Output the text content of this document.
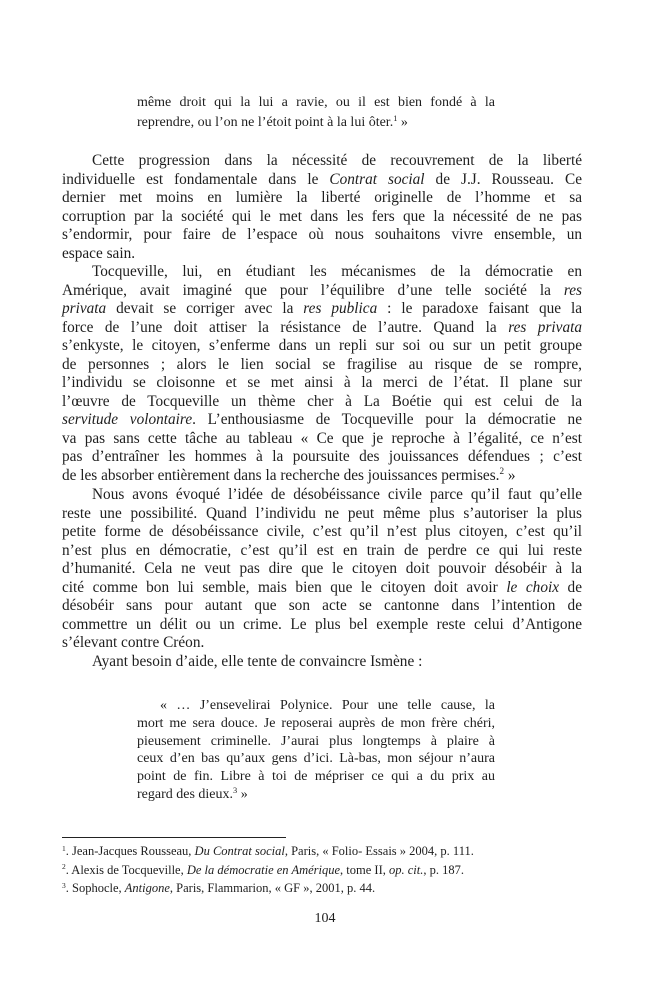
même droit qui la lui a ravie, ou il est bien fondé à la
reprendre, ou l’on ne l’étoit point à la lui ôter.$^1$ »
Cette progression dans la nécessité de recouvrement de la liberté
individuelle est fondamentale dans le Contrat social de J.J. Rousseau. Ce
dernier met moins en lumière la liberté originelle de l’homme et sa
corruption par la société qui le met dans les fers que la nécessité de ne pas
s’endormir, pour faire de l’espace où nous souhaitons vivre ensemble, un
espace sain.
Tocqueville, lui, en étudiant les mécanismes de la démocratie en
Amérique, avait imaginé que pour l’équilibre d’une telle société la res
privata devait se corriger avec la res publica : le paradoxe faisant que la
force de l’une doit attiser la résistance de l’autre. Quand la res privata
s’enkyste, le citoyen, s’enferme dans un repli sur soi ou sur un petit groupe
de personnes ; alors le lien social se fragilise au risque de se rompre,
l’individu se cloisonne et se met ainsi à la merci de l’état. Il plane sur
l’œuvre de Tocqueville un thème cher à La Boétie qui est celui de la
servitude volontaire. L’enthousiasme de Tocqueville pour la démocratie ne
va pas sans cette tâche au tableau « Ce que je reproche à l’égalité, ce n’est
pas d’entraîner les hommes à la poursuite des jouissances défendues ; c’est
de les absorber entièrement dans la recherche des jouissances permises.$^2$ »
Nous avons évoqué l’idée de désobéissance civile parce qu’il faut qu’elle
reste une possibilité. Quand l’individu ne peut même plus s’autoriser la plus
petite forme de désobéissance civile, c’est qu’il n’est plus citoyen, c’est qu’il
n’est plus en démocratie, c’est qu’il est en train de perdre ce qui lui reste
d’humanité. Cela ne veut pas dire que le citoyen doit pouvoir désobéir à la
cité comme bon lui semble, mais bien que le citoyen doit avoir le choix de
désobéir sans pour autant que son acte se cantonne dans l’intention de
commettre un délit ou un crime. Le plus bel exemple reste celui d’Antigone
s’élevant contre Créon.
Ayant besoin d’aide, elle tente de convaincre Ismène :
« … J’ensevelirai Polynice. Pour une telle cause, la
mort me sera douce. Je reposerai auprès de mon frère chéri,
pieusement criminelle. J’aurai plus longtemps à plaire à
ceux d’en bas qu’aux gens d’ici. Là-bas, mon séjour n’aura
point de fin. Libre à toi de mépriser ce qui a du prix au
regard des dieux.$^3$ »
$^1$. Jean-Jacques Rousseau, Du Contrat social, Paris, « Folio- Essais » 2004, p. 111.
$^2$. Alexis de Tocqueville, De la démocratie en Amérique, tome II, op. cit., p. 187.
$^3$. Sophocle, Antigone, Paris, Flammarion, « GF », 2001, p. 44.
104
